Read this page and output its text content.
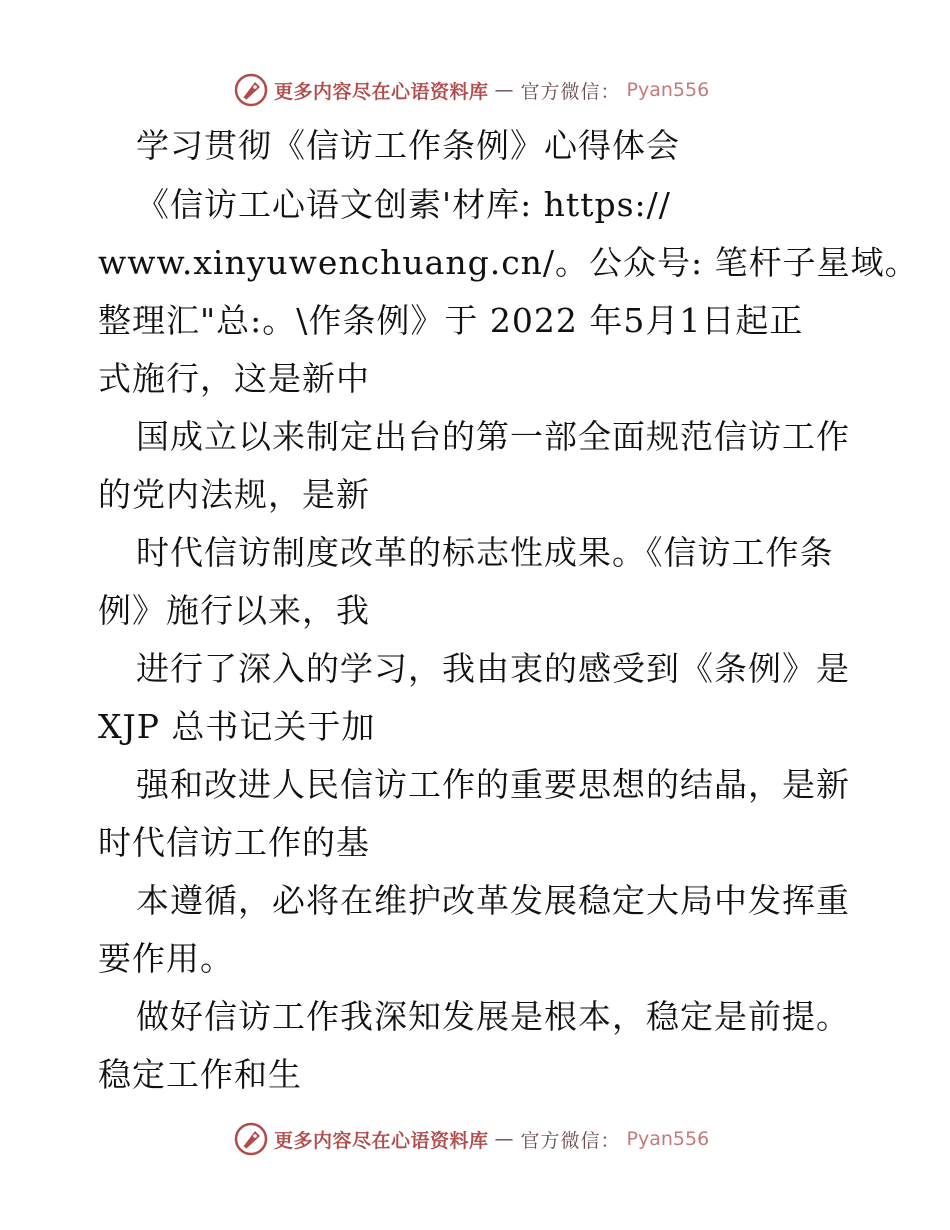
更多内容尽在心语资料库 — 官方微信： Pyan556
学习贯彻《信访工作条例》心得体会
《信访工心语文创素'材库: https://
www.xinyuwenchuang.cn/。公众号: 笔杆子星域。
整理汇"总:。\作条例》于 2022 年5月1日起正
式施行，这是新中
国成立以来制定出台的第一部全面规范信访工作
的党内法规，是新
时代信访制度改革的标志性成果。《信访工作条
例》施行以来，我
进行了深入的学习，我由衷的感受到《条例》是
XJP 总书记关于加
强和改进人民信访工作的重要思想的结晶，是新
时代信访工作的基
本遵循，必将在维护改革发展稳定大局中发挥重
要作用。
做好信访工作我深知发展是根本，稳定是前提。
稳定工作和生
更多内容尽在心语资料库 — 官方微信： Pyan556
